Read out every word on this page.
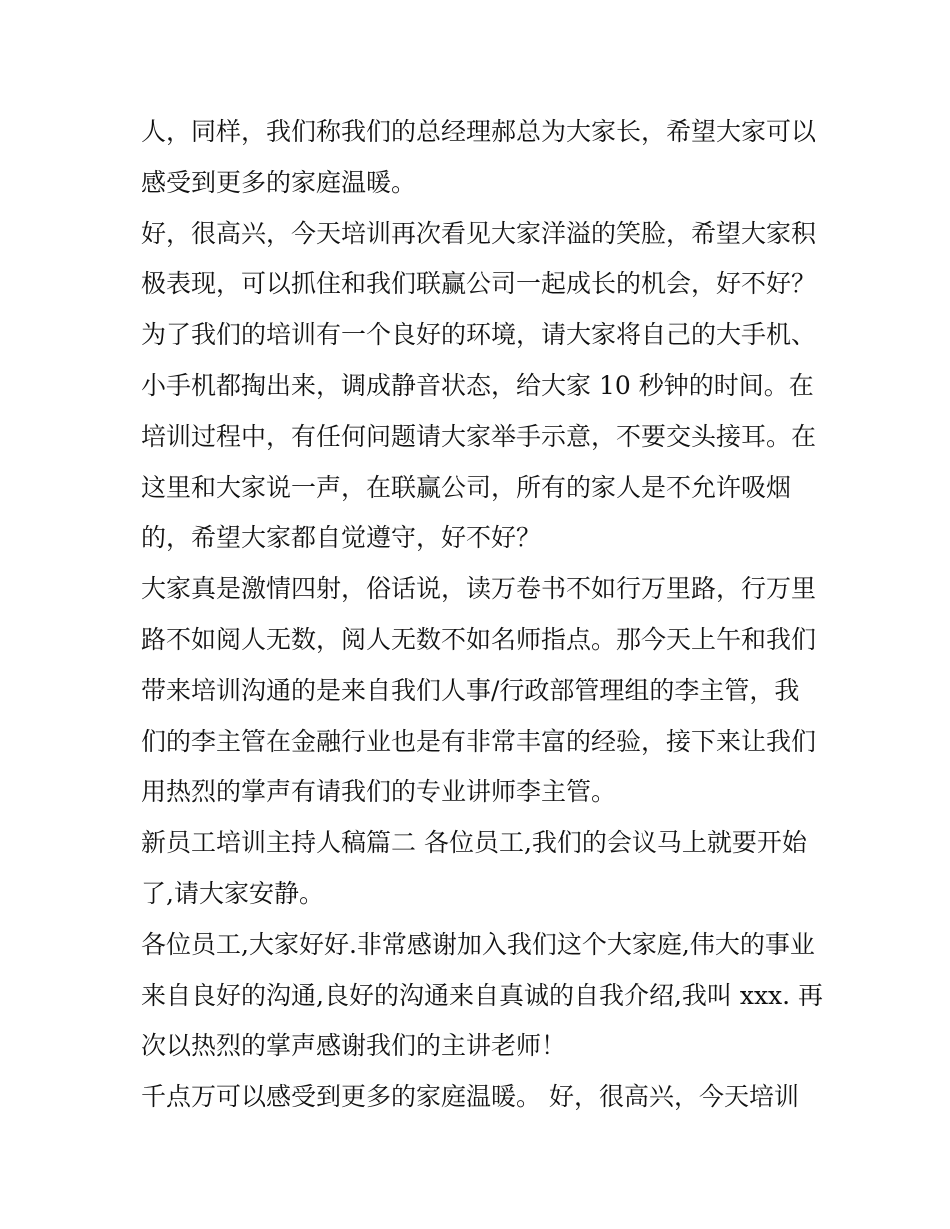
人，同样，我们称我们的总经理郝总为大家长，希望大家可以
感受到更多的家庭温暖。
好，很高兴，今天培训再次看见大家洋溢的笑脸，希望大家积
极表现，可以抓住和我们联赢公司一起成长的机会，好不好？
为了我们的培训有一个良好的环境，请大家将自己的大手机、
小手机都掏出来，调成静音状态，给大家 10 秒钟的时间。在
培训过程中，有任何问题请大家举手示意，不要交头接耳。在
这里和大家说一声，在联赢公司，所有的家人是不允许吸烟
的，希望大家都自觉遵守，好不好？
大家真是激情四射，俗话说，读万卷书不如行万里路，行万里
路不如阅人无数，阅人无数不如名师指点。那今天上午和我们
带来培训沟通的是来自我们人事/行政部管理组的李主管，我
们的李主管在金融行业也是有非常丰富的经验，接下来让我们
用热烈的掌声有请我们的专业讲师李主管。
新员工培训主持人稿篇二 各位员工,我们的会议马上就要开始
了,请大家安静。
各位员工,大家好好.非常感谢加入我们这个大家庭,伟大的事业
来自良好的沟通,良好的沟通来自真诚的自我介绍,我叫 xxx. 再
次以热烈的掌声感谢我们的主讲老师！
千点万可以感受到更多的家庭温暖。 好，很高兴，今天培训
